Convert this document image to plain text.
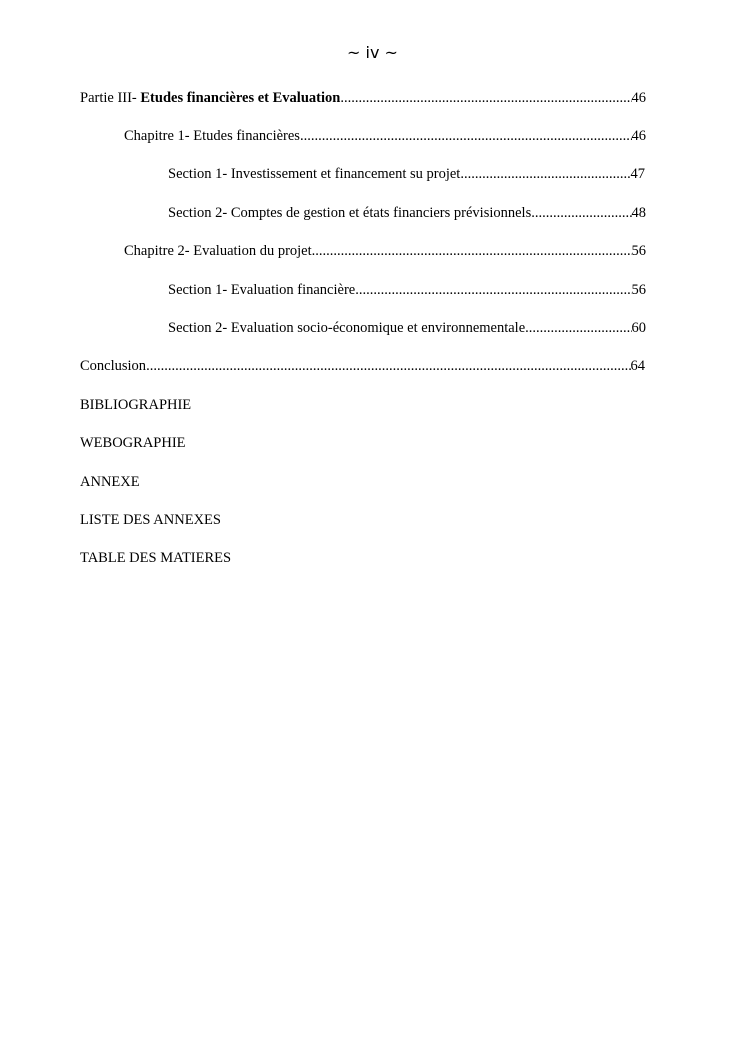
~ iv ~
Partie III- Etudes financières et Evaluation .....	46
Chapitre 1- Etudes financières .....	46
Section 1- Investissement et financement su projet .....	47
Section 2- Comptes de gestion et états financiers prévisionnels .....	48
Chapitre 2- Evaluation du projet .....	56
Section 1- Evaluation financière .....	56
Section 2- Evaluation socio-économique et environnementale .....	60
Conclusion .....	64
BIBLIOGRAPHIE
WEBOGRAPHIE
ANNEXE
LISTE DES ANNEXES
TABLE DES MATIERES
